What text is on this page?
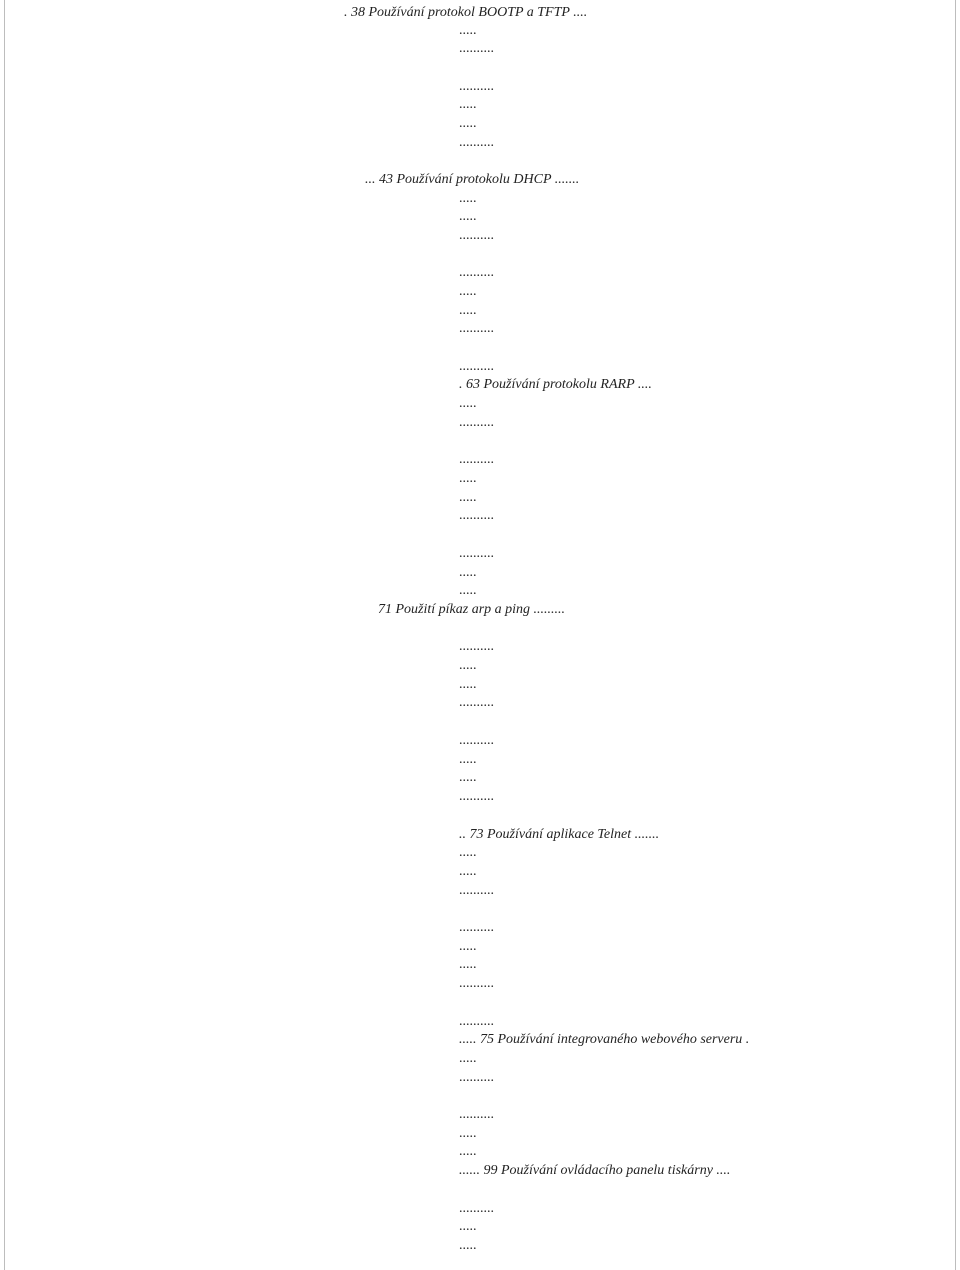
. 38 Používání protokol BOOTP a TFTP ....
.....
..........
..........
.....
.....
..........
... 43 Používání protokolu DHCP .......
.....
.....
..........
..........
.....
.....
..........
..........
. 63 Používání protokolu RARP ....
.....
..........
..........
.....
.....
..........
..........
.....
.....
71 Použití píkaz arp a ping .........
..........
.....
.....
..........
..........
.....
.....
..........
.. 73 Používání aplikace Telnet .......
.....
.....
..........
..........
.....
.....
..........
..........
..... 75 Používání integrovaného webového serveru .
.....
..........
..........
.....
.....
...... 99 Používání ovládacího panelu tiskárny ....
..........
.....
.....
